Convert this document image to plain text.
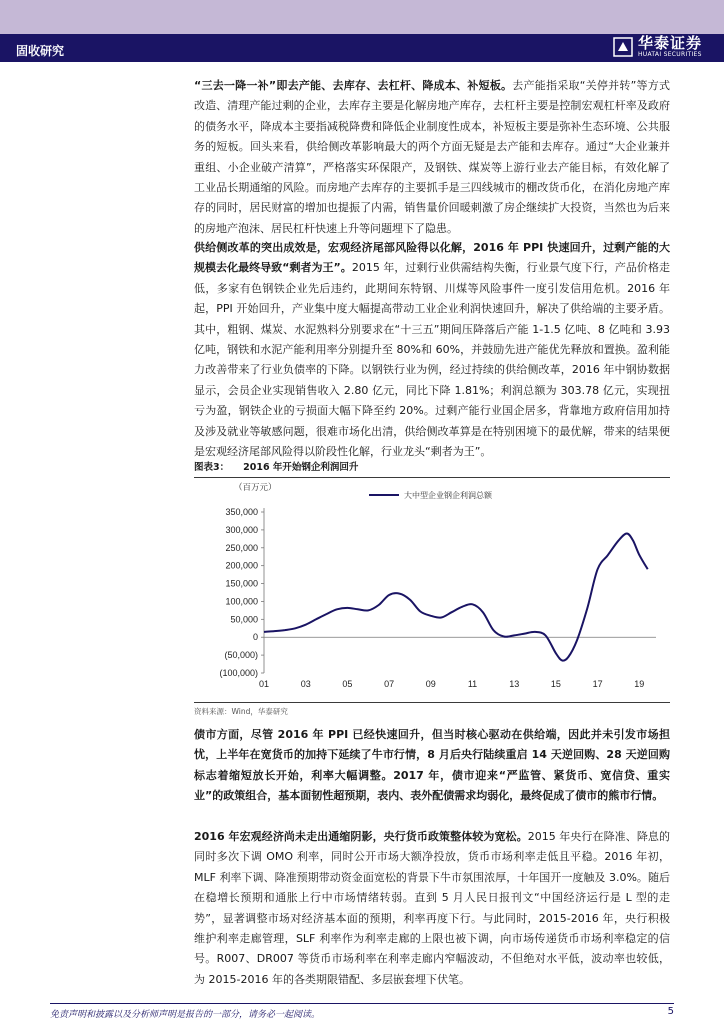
固收研究	华泰证券
HUATAI SECURITIES

“三去一降一补”即去产能、去库存、去杠杆、降成本、补短板。去产能指采取“关停并转”等方式改造、清理产能过剩的企业，去库存主要是化解房地产库存，去杠杆主要是控制宏观杠杆率及政府的债务水平，降成本主要指减税降费和降低企业制度性成本，补短板主要是弥补生态环境、公共服务的短板。回头来看，供给侧改革影响最大的两个方面无疑是去产能和去库存。通过“大企业兼并重组、小企业破产清算”，严格落实环保限产，及钢铁、煤炭等上游行业去产能目标，有效化解了工业品长期通缩的风险。而房地产去库存的主要抓手是三四线城市的棚改货币化，在消化房地产库存的同时，居民财富的增加也提振了内需，销售量价回暖刺激了房企继续扩大投资，当然也为后来的房地产泡沫、居民杠杆快速上升等问题埋下了隐患。

供给侧改革的突出成效是，宏观经济尾部风险得以化解，2016 年 PPI 快速回升，过剩产能的大规模去化最终导致“剩者为王”。2015 年，过剩行业供需结构失衡，行业景气度下行，产品价格走低，多家有色钢铁企业先后违约，此期间东特钢、川煤等风险事件一度引发信用危机。2016 年起，PPI 开始回升，产业集中度大幅提高带动工业企业利润快速回升，解决了供给端的主要矛盾。其中，粗钢、煤炭、水泥熟料分别要求在“十三五”期间压降落后产能 1-1.5 亿吨、8 亿吨和 3.93 亿吨，钢铁和水泥产能利用率分别提升至 80%和 60%，并鼓励先进产能优先释放和置换。盈利能力改善带来了行业负债率的下降。以钢铁行业为例，经过持续的供给侧改革，2016 年中钢协数据显示，会员企业实现销售收入 2.80 亿元，同比下降 1.81%；利润总额为 303.78 亿元，实现扭亏为盈，钢铁企业的亏损面大幅下降至约 20%。过剩产能行业国企居多，背靠地方政府信用加持及涉及就业等敏感问题，很难市场化出清，供给侧改革算是在特别困境下的最优解，带来的结果便是宏观经济尾部风险得以阶段性化解，行业龙头“剩者为王”。

图表3： 2016 年开始钢企利润回升
（百万元）
350,000
300,000
250,000
200,000
150,000
100,000
50,000
0
(50,000)
(100,000)
01	03	05	07	09	11	13	15	17	19
大中型企业钢企利润总额
资料来源：Wind，华泰研究

债市方面，尽管 2016 年 PPI 已经快速回升，但当时核心驱动在供给端，因此并未引发市场担忧，上半年在宽货币的加持下延续了牛市行情，8 月后央行陆续重启 14 天逆回购、28 天逆回购标志着缩短放长开始，利率大幅调整。2017 年，债市迎来“严监管、紧货币、宽信贷、重实业”的政策组合，基本面韧性超预期，表内、表外配债需求均弱化，最终促成了债市的熊市行情。

2016 年宏观经济尚未走出通缩阴影，央行货币政策整体较为宽松。2015 年央行在降准、降息的同时多次下调 OMO 利率，同时公开市场大额净投放，货币市场利率走低且平稳。2016 年初，MLF 利率下调、降准预期带动资金面宽松的背景下牛市氛围浓厚，十年国开一度触及 3.0%。随后在稳增长预期和通胀上行中市场情绪转弱。直到 5 月人民日报刊文“中国经济运行是 L 型的走势”，显著调整市场对经济基本面的预期，利率再度下行。与此同时，2015-2016 年，央行积极维护利率走廊管理，SLF 利率作为利率走廊的上限也被下调，向市场传递货币市场利率稳定的信号。R007、DR007 等货币市场利率在利率走廊内窄幅波动，不但绝对水平低，波动率也较低，为 2015-2016 年的各类期限错配、多层嵌套埋下伏笔。

免责声明和披露以及分析师声明是报告的一部分，请务必一起阅读。	5
